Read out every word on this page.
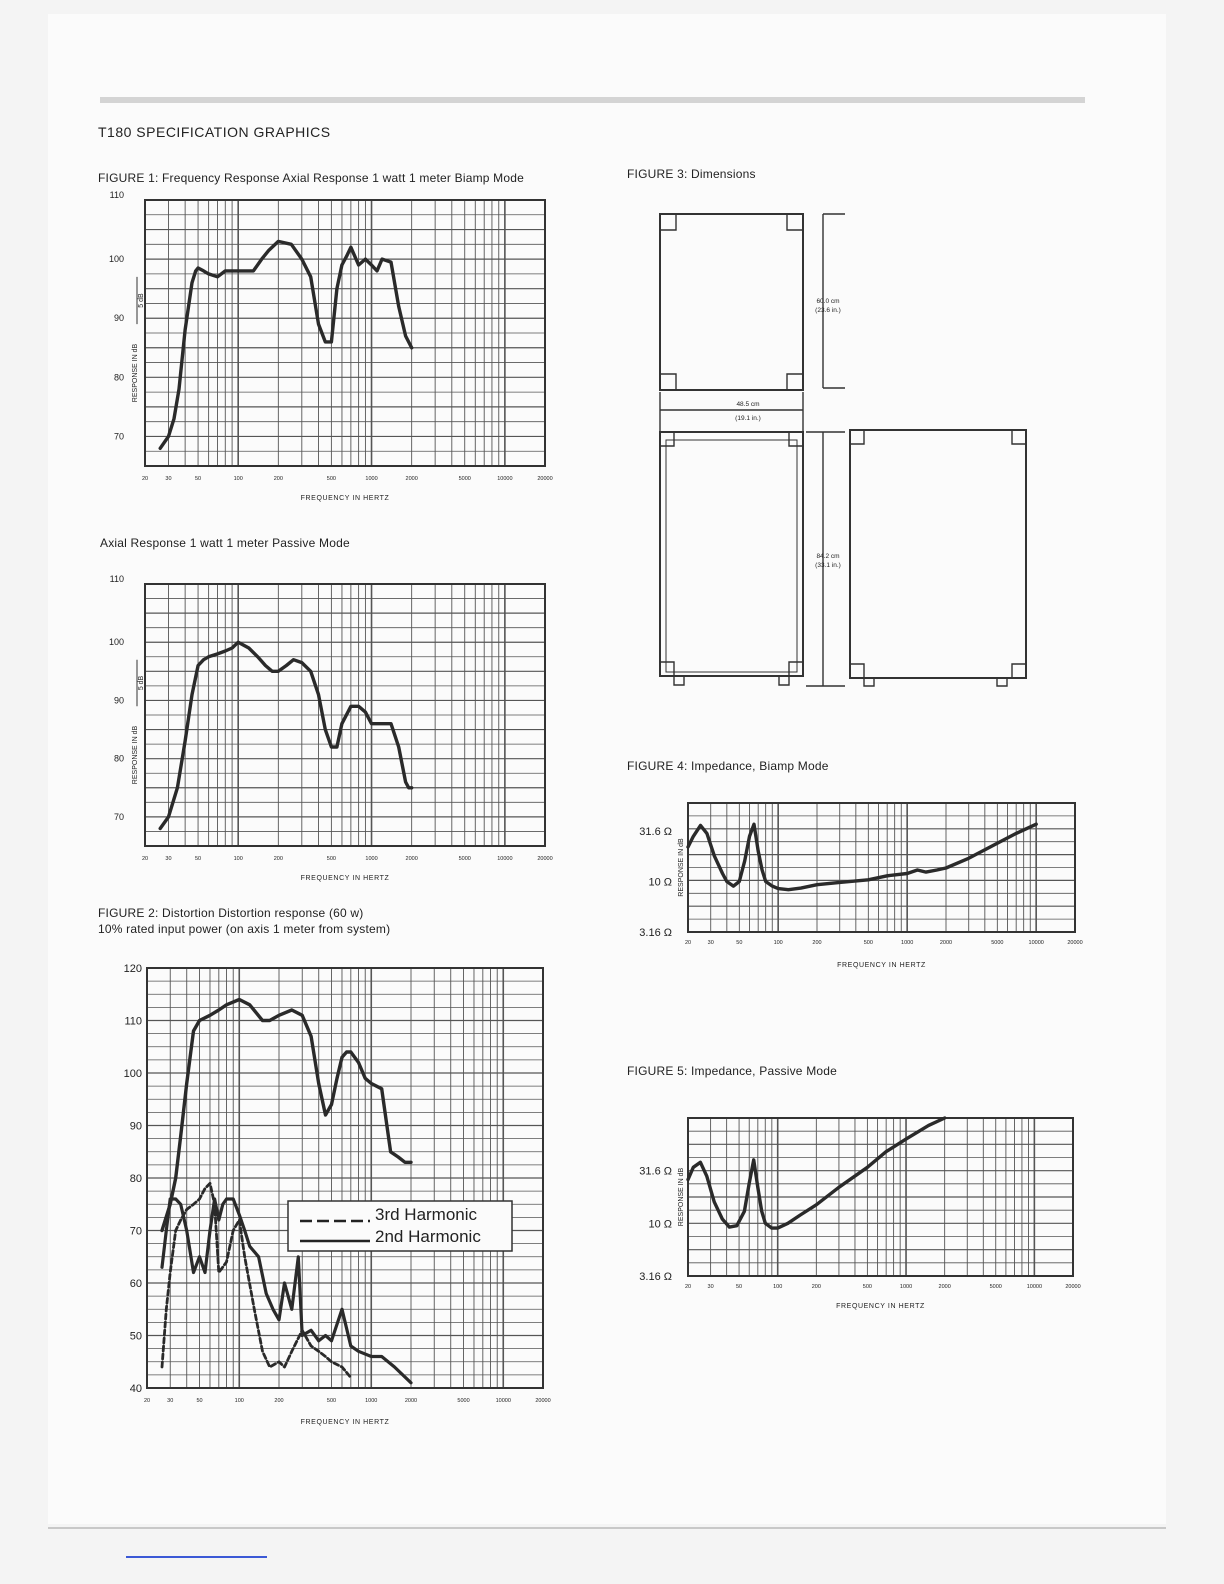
T180 SPECIFICATION GRAPHICS
FIGURE 1: Frequency Response Axial Response 1 watt 1 meter Biamp Mode
20	30	50	100	200	500	1000	2000	5000	10000	20000
FREQUENCY IN HERTZ
110
100
90
80
70
RESPONSE IN dB
5 dB
Axial Response 1 watt 1 meter Passive Mode
20	30	50	100	200	500	1000	2000	5000	10000	20000
FREQUENCY IN HERTZ
110
100
90
80
70
RESPONSE IN dB
5 dB
FIGURE 2: Distortion Distortion response (60 w)
10% rated input power (on axis 1 meter from system)
20	30	50	100	200	500	1000	2000	5000	10000	20000
FREQUENCY IN HERTZ
120
110
100
90
80
70
60
50
40
3rd Harmonic
2nd Harmonic
FIGURE 3: Dimensions
60.0 cm
(23.6 in.)
48.5 cm
(19.1 in.)
84.2 cm
(33.1 in.)
FIGURE 4: Impedance, Biamp Mode
20	30	50	100	200	500	1000	2000	5000	10000	20000
FREQUENCY IN HERTZ
31.6 Ω
10 Ω
3.16 Ω
RESPONSE IN dB
FIGURE 5: Impedance, Passive Mode
20	30	50	100	200	500	1000	2000	5000	10000	20000
FREQUENCY IN HERTZ
31.6 Ω
10 Ω
3.16 Ω
RESPONSE IN dB
